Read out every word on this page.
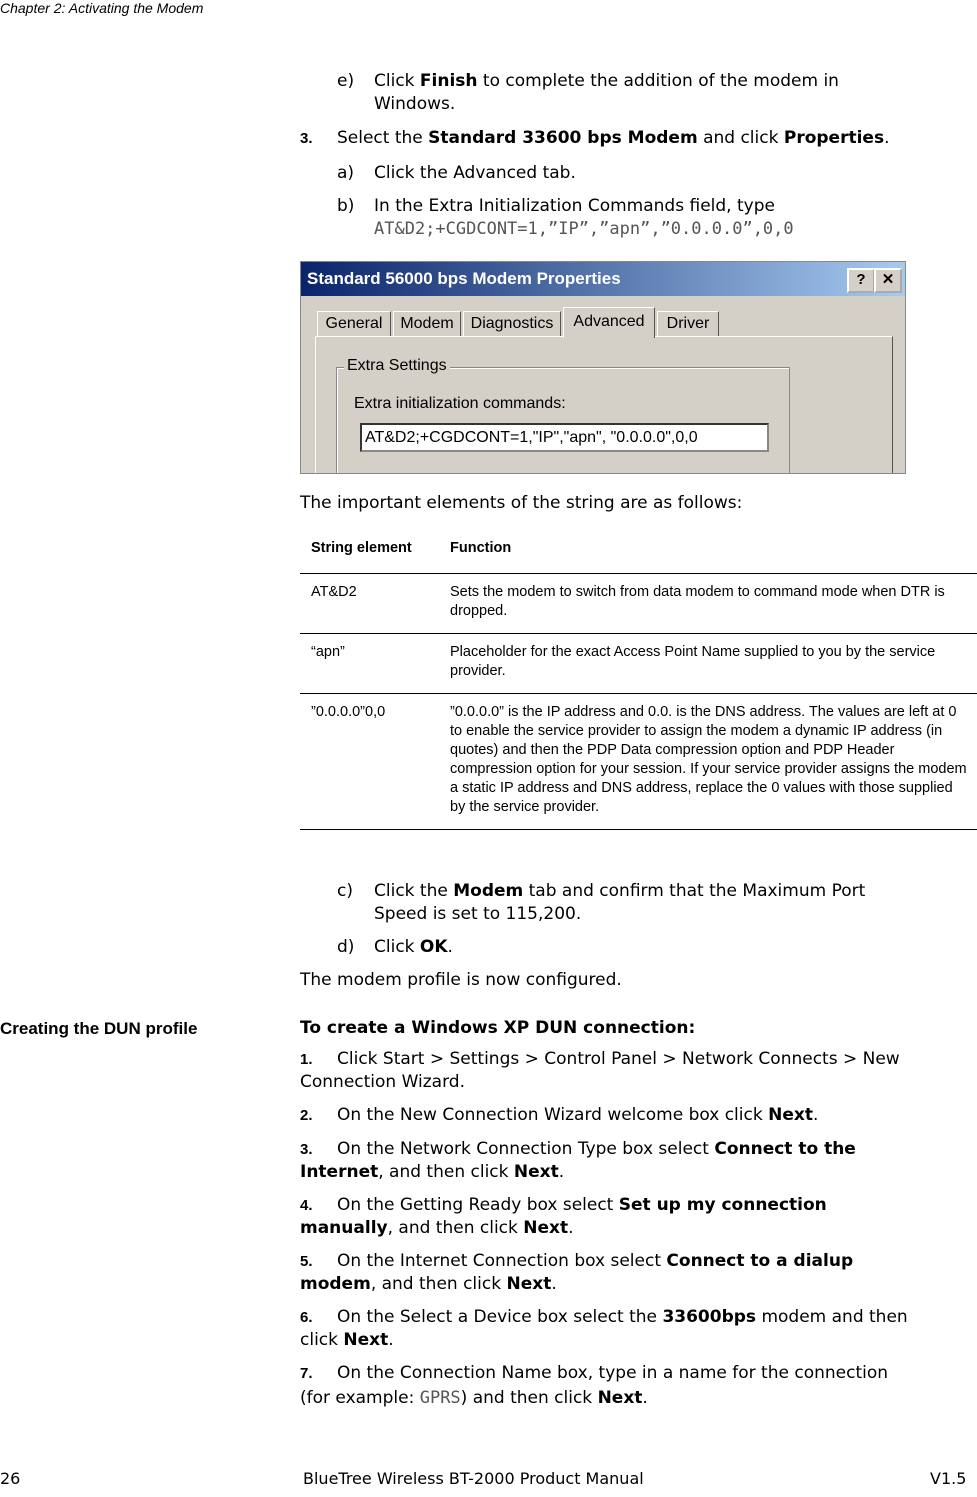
Chapter 2: Activating the Modem
e) Click Finish to complete the addition of the modem in
Windows.
3. Select the Standard 33600 bps Modem and click Properties.
a) Click the Advanced tab.
b) In the Extra Initialization Commands field, type
AT&D2;+CGDCONT=1,”IP”,”apn”,”0.0.0.0”,0,0
Standard 56000 bps Modem Properties	?	✕
General	Modem	Diagnostics	Advanced	Driver
Extra Settings
Extra initialization commands:
AT&D2;+CGDCONT=1,"IP","apn", "0.0.0.0",0,0
The important elements of the string are as follows:
String element	Function
AT&D2	Sets the modem to switch from data modem to command mode when DTR is dropped.
“apn”	Placeholder for the exact Access Point Name supplied to you by the service provider.
”0.0.0.0”0,0	”0.0.0.0” is the IP address and 0.0. is the DNS address. The values are left at 0 to enable the service provider to assign the modem a dynamic IP address (in quotes) and then the PDP Data compression option and PDP Header compression option for your session. If your service provider assigns the modem a static IP address and DNS address, replace the 0 values with those supplied by the service provider.
c) Click the Modem tab and confirm that the Maximum Port
Speed is set to 115,200.
d) Click OK.
The modem profile is now configured.
Creating the DUN profile	To create a Windows XP DUN connection:
1. Click Start > Settings > Control Panel > Network Connects > New
Connection Wizard.
2. On the New Connection Wizard welcome box click Next.
3. On the Network Connection Type box select Connect to the
Internet, and then click Next.
4. On the Getting Ready box select Set up my connection
manually, and then click Next.
5. On the Internet Connection box select Connect to a dialup
modem, and then click Next.
6. On the Select a Device box select the 33600bps modem and then
click Next.
7. On the Connection Name box, type in a name for the connection
(for example: GPRS) and then click Next.
26	BlueTree Wireless BT-2000 Product Manual	V1.5
